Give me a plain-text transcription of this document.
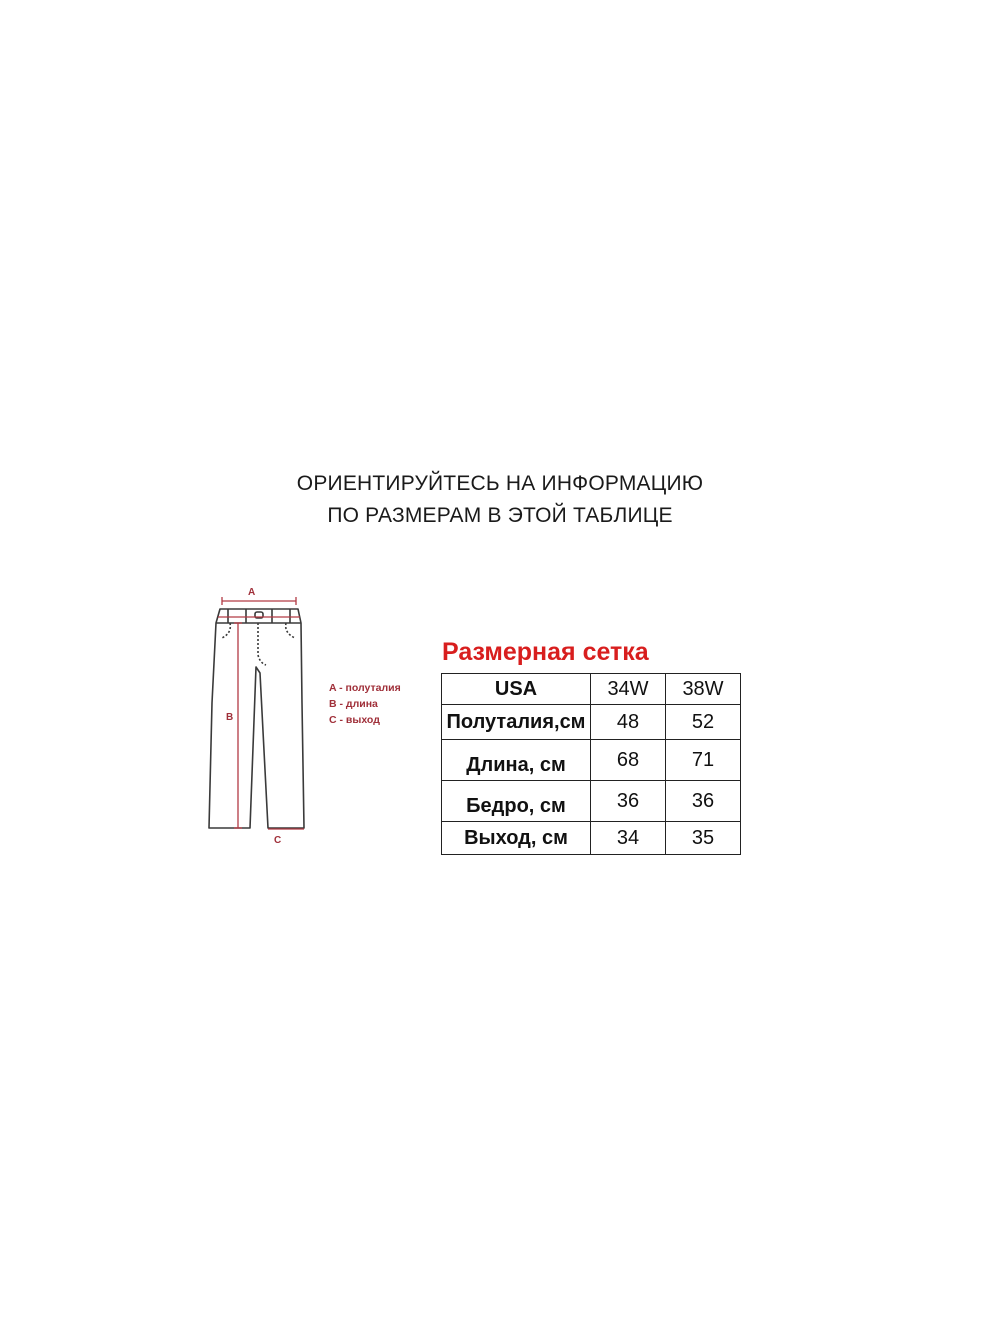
ОРИЕНТИРУЙТЕСЬ НА ИНФОРМАЦИЮ
ПО РАЗМЕРАМ В ЭТОЙ ТАБЛИЦЕ
A
B
C
A - полуталия
B - длина
C - выход
Размерная сетка
USA	34W	38W
Полуталия,см	48	52
Длина, см	68	71
Бедро, см	36	36
Выход, см	34	35
